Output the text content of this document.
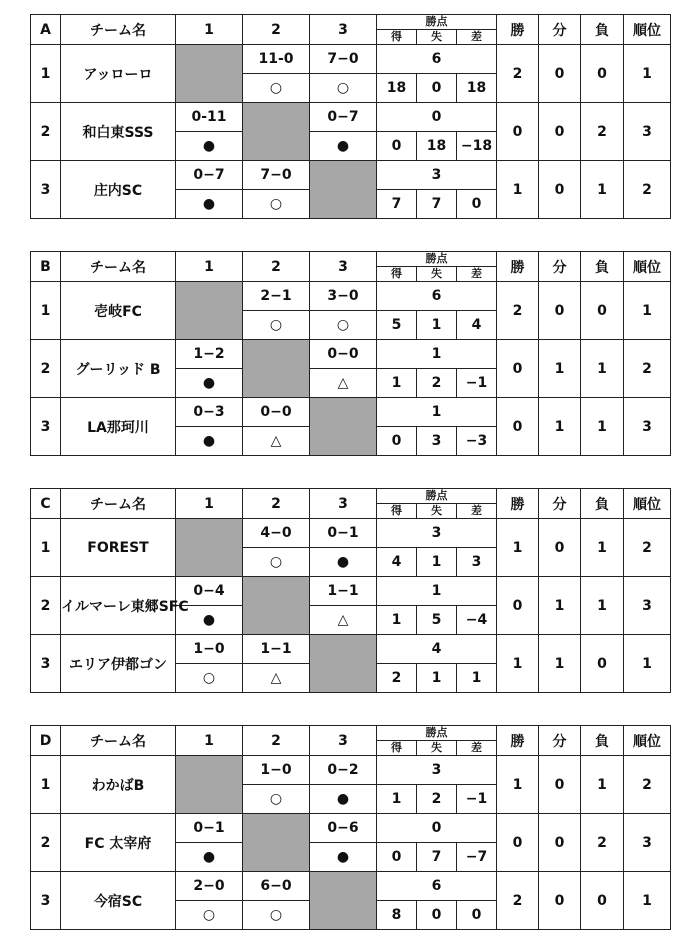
A	チーム名	1	2	3	勝点
得 失 差			勝	分	負	順位
1	アッローロ		11-0	7−0	6			2	0	0	1
			○	○	18	0	18				
2	和白東SSS	0-11		0−7	0			0	0	2	3
		●		●	0	18	−18				
3	庄内SC	0−7	7−0		3			1	0	1	2
		●	○		7	7	0				
B	チーム名	1	2	3	勝点
得 失 差			勝	分	負	順位
1	壱岐FC		2−1	3−0	6			2	0	0	1
			○	○	5	1	4				
2	グーリッド B	1−2		0−0	1			0	1	1	2
		●		△	1	2	−1				
3	LA那珂川	0−3	0−0		1			0	1	1	3
		●	△		0	3	−3				
C	チーム名	1	2	3	勝点
得 失 差			勝	分	負	順位
1	FOREST		4−0	0−1	3			1	0	1	2
			○	●	4	1	3				
2	イルマーレ東郷SFC	0−4		1−1	1			0	1	1	3
		●		△	1	5	−4				
3	エリア伊都ゴン	1−0	1−1		4			1	1	0	1
		○	△		2	1	1				
D	チーム名	1	2	3	勝点
得 失 差			勝	分	負	順位
1	わかばB		1−0	0−2	3			1	0	1	2
			○	●	1	2	−1				
2	FC 太宰府	0−1		0−6	0			0	0	2	3
		●		●	0	7	−7				
3	今宿SC	2−0	6−0		6			2	0	0	1
		○	○		8	0	0				
